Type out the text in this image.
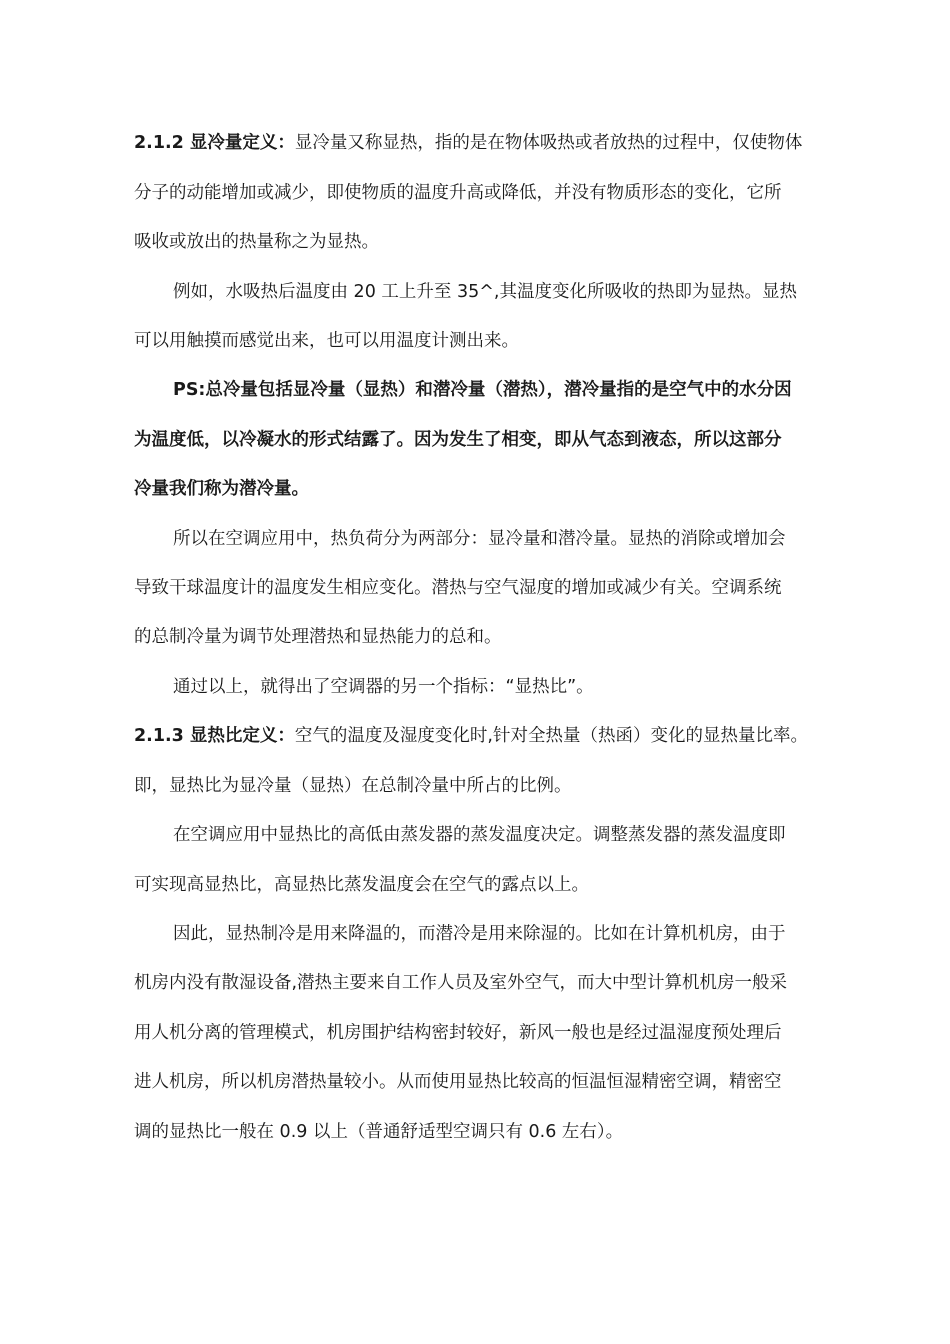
2.1.2 显冷量定义：显冷量又称显热，指的是在物体吸热或者放热的过程中，仅使物体
分子的动能增加或减少，即使物质的温度升高或降低，并没有物质形态的变化，它所
吸收或放出的热量称之为显热。
例如，水吸热后温度由 20 工上升至 35^,其温度变化所吸收的热即为显热。显热
可以用触摸而感觉出来，也可以用温度计测出来。
PS:总冷量包括显冷量（显热）和潜冷量（潜热），潜冷量指的是空气中的水分因
为温度低，以冷凝水的形式结露了。因为发生了相变，即从气态到液态，所以这部分
冷量我们称为潜冷量。
所以在空调应用中，热负荷分为两部分：显冷量和潜冷量。显热的消除或增加会
导致干球温度计的温度发生相应变化。潜热与空气湿度的增加或减少有关。空调系统
的总制冷量为调节处理潜热和显热能力的总和。
通过以上，就得出了空调器的另一个指标：“显热比”。
2.1.3 显热比定义：空气的温度及湿度变化时,针对全热量（热函）变化的显热量比率。
即，显热比为显冷量（显热）在总制冷量中所占的比例。
在空调应用中显热比的高低由蒸发器的蒸发温度决定。调整蒸发器的蒸发温度即
可实现高显热比，高显热比蒸发温度会在空气的露点以上。
因此，显热制冷是用来降温的，而潜冷是用来除湿的。比如在计算机机房，由于
机房内没有散湿设备,潜热主要来自工作人员及室外空气，而大中型计算机机房一般采
用人机分离的管理模式，机房围护结构密封较好，新风一般也是经过温湿度预处理后
进人机房，所以机房潜热量较小。从而使用显热比较高的恒温恒湿精密空调，精密空
调的显热比一般在 0.9 以上（普通舒适型空调只有 0.6 左右）。
